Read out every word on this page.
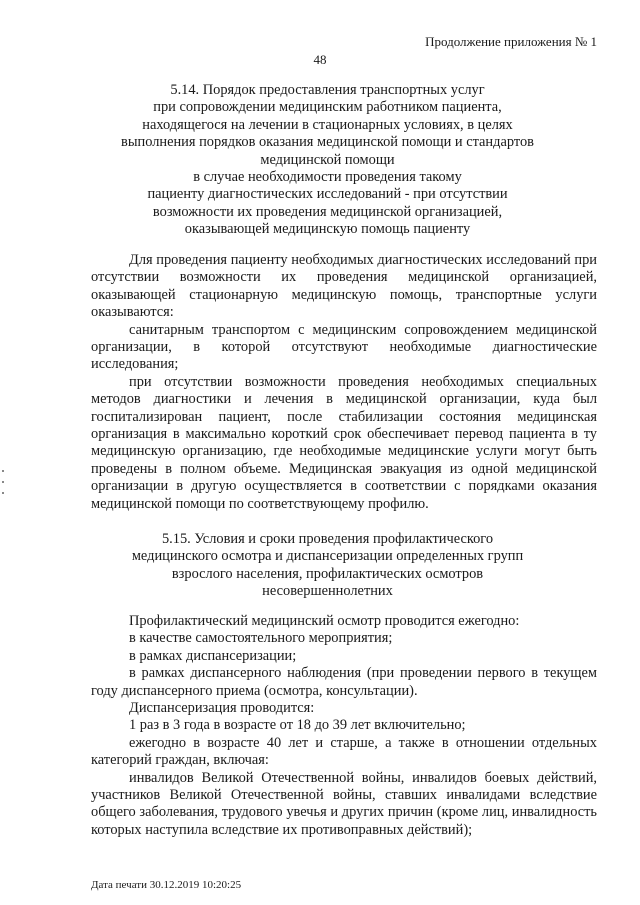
Продолжение приложения № 1
48
5.14. Порядок предоставления транспортных услуг
при сопровождении медицинским работником пациента,
находящегося на лечении в стационарных условиях, в целях
выполнения порядков оказания медицинской помощи и стандартов
медицинской помощи
в случае необходимости проведения такому
пациенту диагностических исследований - при отсутствии
возможности их проведения медицинской организацией,
оказывающей медицинскую помощь пациенту

Для проведения пациенту необходимых диагностических исследований при отсутствии возможности их проведения медицинской организацией, оказывающей стационарную медицинскую помощь, транспортные услуги оказываются:

санитарным транспортом с медицинским сопровождением медицинской организации, в которой отсутствуют необходимые диагностические исследования;

при отсутствии возможности проведения необходимых специальных методов диагностики и лечения в медицинской организации, куда был госпитализирован пациент, после стабилизации состояния медицинская организация в максимально короткий срок обеспечивает перевод пациента в ту медицинскую организацию, где необходимые медицинские услуги могут быть проведены в полном объеме. Медицинская эвакуация из одной медицинской организации в другую осуществляется в соответствии с порядками оказания медицинской помощи по соответствующему профилю.

5.15. Условия и сроки проведения профилактического
медицинского осмотра и диспансеризации определенных групп
взрослого населения, профилактических осмотров
несовершеннолетних

Профилактический медицинский осмотр проводится ежегодно:

в качестве самостоятельного мероприятия;

в рамках диспансеризации;

в рамках диспансерного наблюдения (при проведении первого в текущем году диспансерного приема (осмотра, консультации).

Диспансеризация проводится:

1 раз в 3 года в возрасте от 18 до 39 лет включительно;

ежегодно в возрасте 40 лет и старше, а также в отношении отдельных категорий граждан, включая:

инвалидов Великой Отечественной войны, инвалидов боевых действий, участников Великой Отечественной войны, ставших инвалидами вследствие общего заболевания, трудового увечья и других причин (кроме лиц, инвалидность которых наступила вследствие их противоправных действий);

Дата печати 30.12.2019 10:20:25
